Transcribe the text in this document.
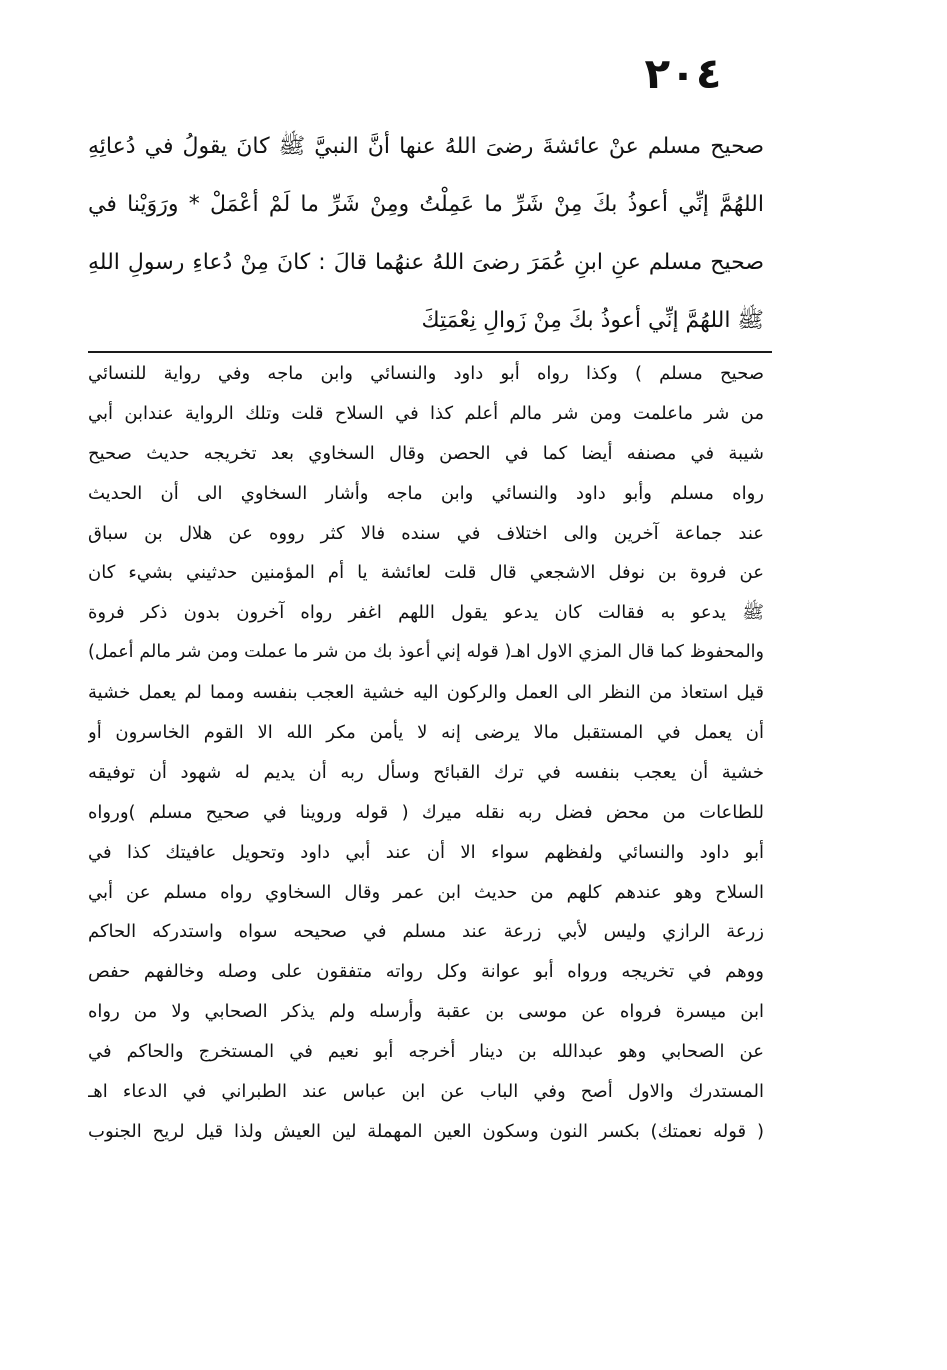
٢٠٤
صحيح مسلم عنْ عائشةَ رضىَ اللهُ عنها أنَّ النبيَّ ﷺ كانَ يقولُ في دُعائِهِ
اللهُمَّ إنِّي أعوذُ بكَ مِنْ شَرِّ ما عَمِلْتُ ومِنْ شَرِّ ما لَمْ أعْمَلْ * ورَوَيْنا في
صحيح مسلم عنِ ابنِ عُمَرَ رضىَ اللهُ عنهُما قالَ : كانَ مِنْ دُعاءِ رسولِ اللهِ
ﷺ اللهُمَّ إنِّي أعوذُ بكَ مِنْ زَوالِ نِعْمَتِكَ
صحيح مسلم ) وكذا رواه أبو داود والنسائي وابن ماجه وفي رواية للنسائي
من شر ماعلمت ومن شر مالم أعلم كذا في السلاح قلت وتلك الرواية عندابن أبي
شيبة في مصنفه أيضا كما في الحصن وقال السخاوي بعد تخريجه حديث صحيح
رواه مسلم وأبو داود والنسائي وابن ماجه وأشار السخاوي الى أن الحديث
عند جماعة آخرين والى اختلاف في سنده فالا كثر رووه عن هلال بن سباق
عن فروة بن نوفل الاشجعي قال قلت لعائشة يا أم المؤمنين حدثيني بشيء كان
ﷺ يدعو به فقالت كان يدعو يقول اللهم اغفر رواه آخرون بدون ذكر فروة
والمحفوظ كما قال المزي الاول اهـ( قوله إني أعوذ بك من شر ما عملت ومن شر مالم أعمل)
قيل استعاذ من النظر الى العمل والركون اليه خشية العجب بنفسه ومما لم يعمل خشية
أن يعمل في المستقبل مالا يرضى إنه لا يأمن مكر الله الا القوم الخاسرون أو
خشية أن يعجب بنفسه في ترك القبائح وسأل ربه أن يديم له شهود أن توفيقه
للطاعات من محض فضل ربه نقله ميرك ( قوله وروينا في صحيح مسلم )ورواه
أبو داود والنسائي ولفظهم سواء الا أن عند أبي داود وتحويل عافيتك كذا في
السلاح وهو عندهم كلهم من حديث ابن عمر وقال السخاوي رواه مسلم عن أبي
زرعة الرازي وليس لأبي زرعة عند مسلم في صحيحه سواه واستدركه الحاكم
ووهم في تخريجه ورواه أبو عوانة وكل رواته متفقون على وصله وخالفهم حفص
ابن ميسرة فرواه عن موسى بن عقبة وأرسله ولم يذكر الصحابي ولا من رواه
عن الصحابي وهو عبدالله بن دينار أخرجه أبو نعيم في المستخرج والحاكم في
المستدرك والاول أصح وفي الباب عن ابن عباس عند الطبراني في الدعاء اهـ
( قوله نعمتك) بكسر النون وسكون العين المهملة لين العيش ولذا قيل لريح الجنوب
